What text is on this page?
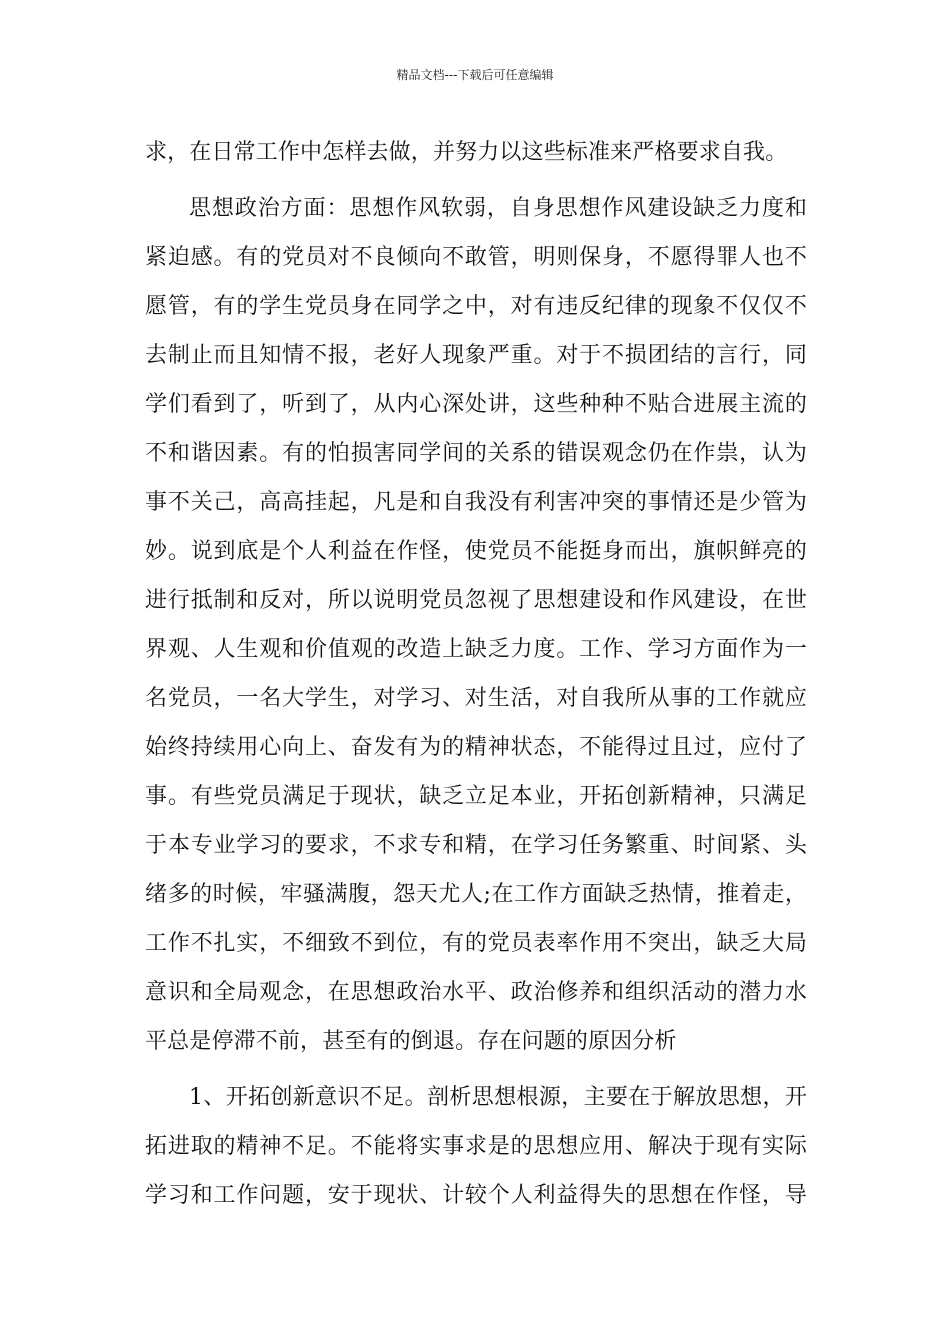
精品文档---下载后可任意编辑
求，在日常工作中怎样去做，并努力以这些标准来严格要求自我。
思想政治方面：思想作风软弱，自身思想作风建设缺乏力度和
紧迫感。有的党员对不良倾向不敢管，明则保身，不愿得罪人也不
愿管，有的学生党员身在同学之中，对有违反纪律的现象不仅仅不
去制止而且知情不报，老好人现象严重。对于不损团结的言行，同
学们看到了，听到了，从内心深处讲，这些种种不贴合进展主流的
不和谐因素。有的怕损害同学间的关系的错误观念仍在作祟，认为
事不关己，高高挂起，凡是和自我没有利害冲突的事情还是少管为
妙。说到底是个人利益在作怪，使党员不能挺身而出，旗帜鲜亮的
进行抵制和反对，所以说明党员忽视了思想建设和作风建设，在世
界观、人生观和价值观的改造上缺乏力度。工作、学习方面作为一
名党员，一名大学生，对学习、对生活，对自我所从事的工作就应
始终持续用心向上、奋发有为的精神状态，不能得过且过，应付了
事。有些党员满足于现状，缺乏立足本业，开拓创新精神，只满足
于本专业学习的要求，不求专和精，在学习任务繁重、时间紧、头
绪多的时候，牢骚满腹，怨天尤人;在工作方面缺乏热情，推着走，
工作不扎实，不细致不到位，有的党员表率作用不突出，缺乏大局
意识和全局观念，在思想政治水平、政治修养和组织活动的潜力水
平总是停滞不前，甚至有的倒退。存在问题的原因分析
1、开拓创新意识不足。剖析思想根源，主要在于解放思想，开
拓进取的精神不足。不能将实事求是的思想应用、解决于现有实际
学习和工作问题，安于现状、计较个人利益得失的思想在作怪，导
